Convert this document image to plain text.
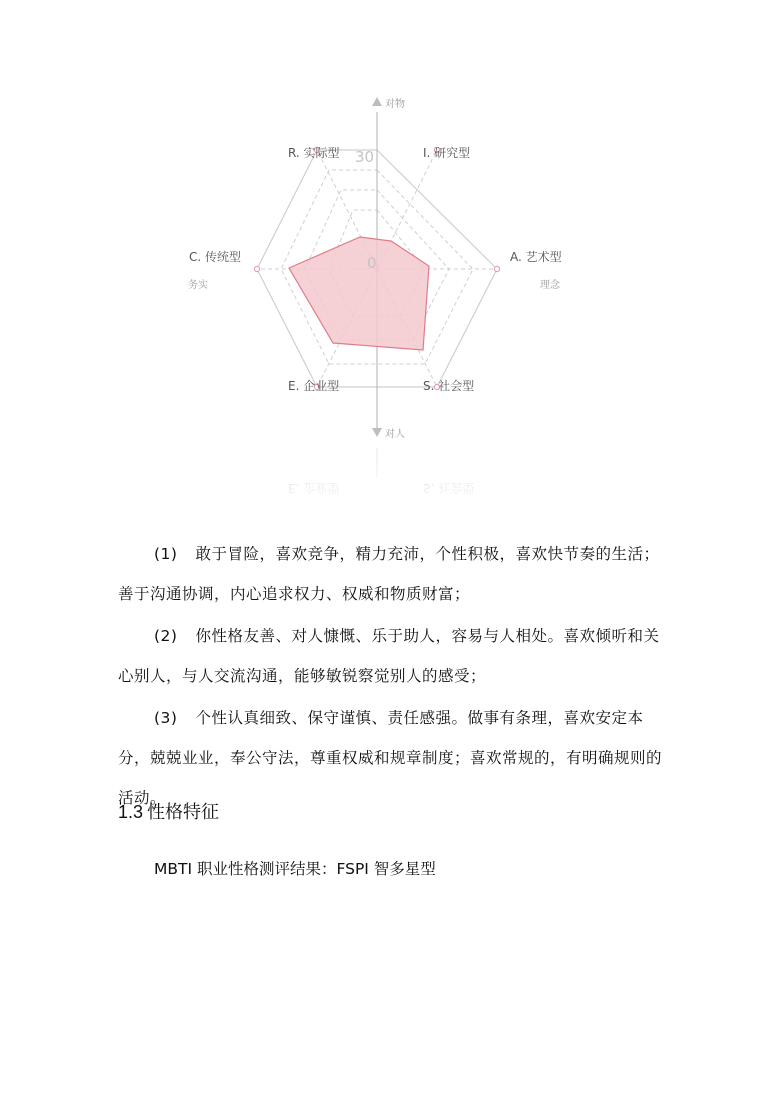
30
0
对物
对人
务实	理念
R. 实际型	I. 研究型
A. 艺术型
S. 社会型
E. 企业型
C. 传统型
(1) 敢于冒险，喜欢竞争，精力充沛，个性积极，喜欢快节奏的生活；善于沟通协调，内心追求权力、权威和物质财富；
(2) 你性格友善、对人慷慨、乐于助人，容易与人相处。喜欢倾听和关心别人，与人交流沟通，能够敏锐察觉别人的感受；
(3) 个性认真细致、保守谨慎、责任感强。做事有条理，喜欢安定本分，兢兢业业，奉公守法，尊重权威和规章制度；喜欢常规的，有明确规则的活动。
1.3 性格特征
MBTI 职业性格测评结果：FSPI 智多星型
